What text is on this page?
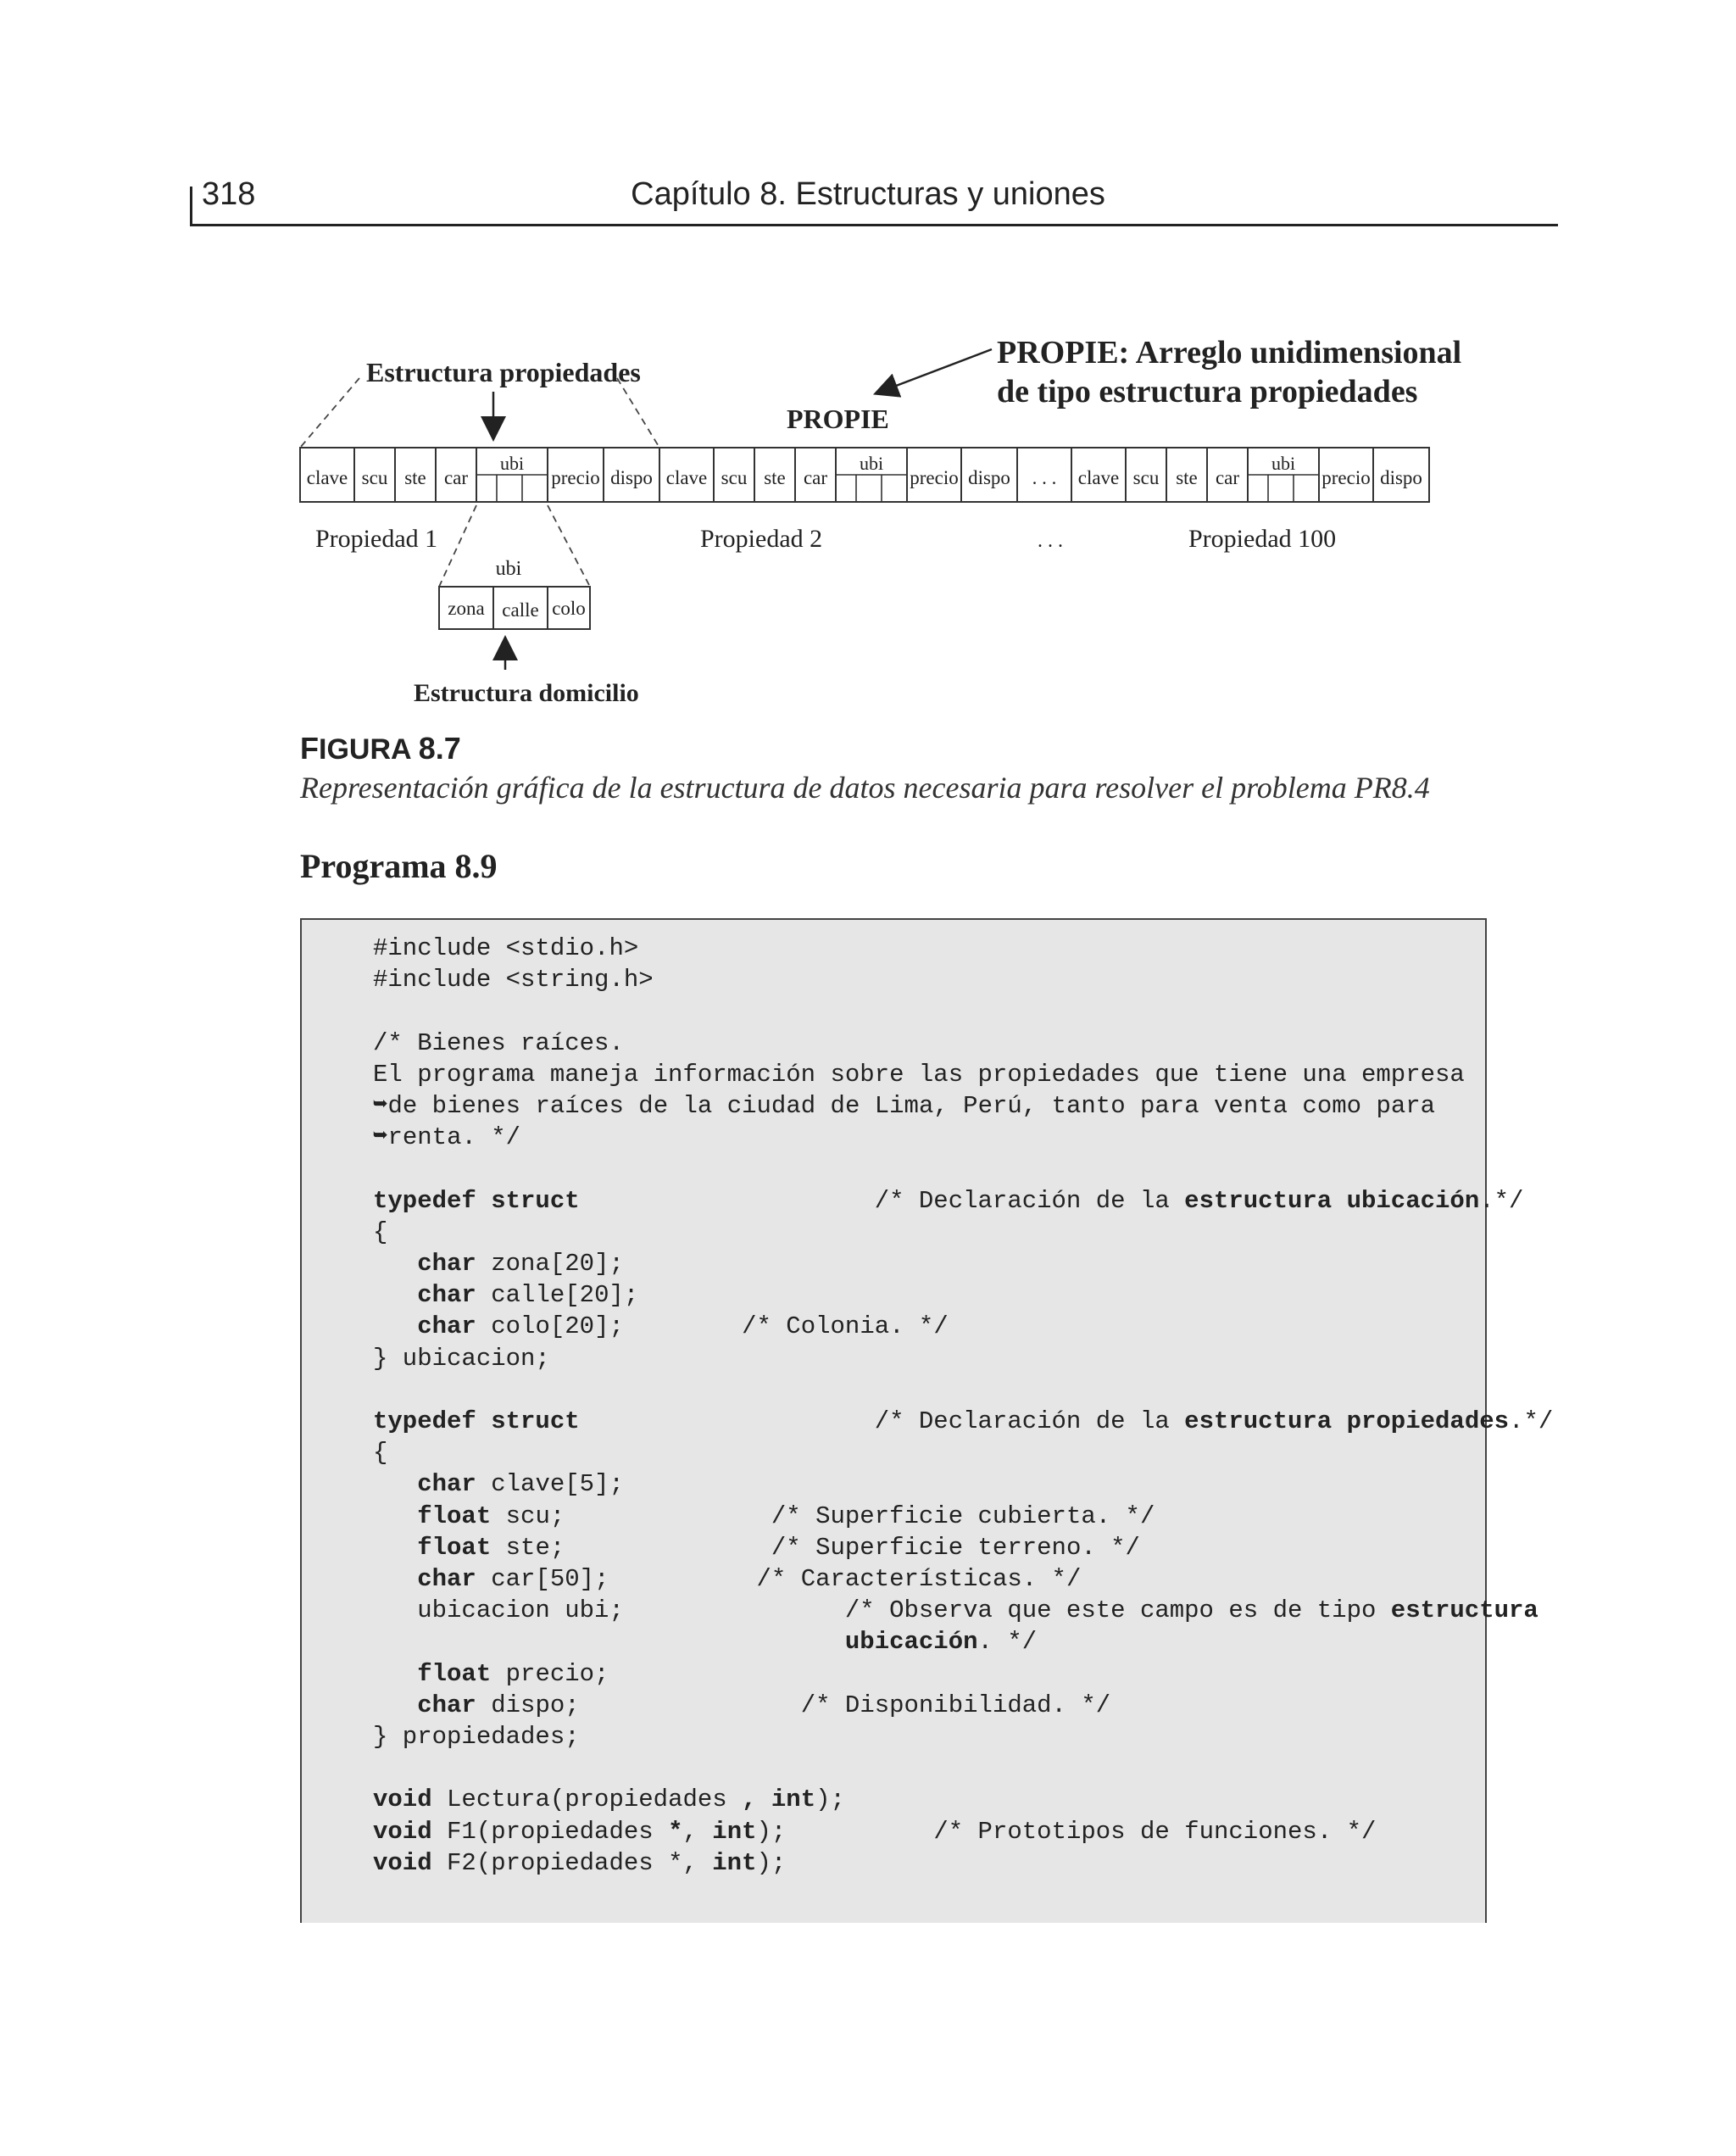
318	Capítulo 8. Estructuras y uniones
Estructura propiedades
PROPIE: Arreglo unidimensional
de tipo estructura propiedades
PROPIE
clave scu ste car
ubi
precio dispo clave scu ste car
ubi
precio dispo . . . clave scu ste car
ubi
precio dispo
Propiedad 1	Propiedad 2	. . .	Propiedad 100
ubi
zona calle colo
Estructura domicilio
FIGURA 8.7
Representación gráfica de la estructura de datos necesaria para resolver el problema PR8.4
Programa 8.9
#include <stdio.h>
#include <string.h>
/* Bienes raíces.
El programa maneja información sobre las propiedades que tiene una empresa
➥de bienes raíces de la ciudad de Lima, Perú, tanto para venta como para
➥renta. */
typedef struct                    /* Declaración de la estructura ubicación.*/
{
char zona[20];
char calle[20];
char colo[20];        /* Colonia. */
} ubicacion;
typedef struct                    /* Declaración de la estructura propiedades.*/
{
char clave[5];
float scu;              /* Superficie cubierta. */
float ste;              /* Superficie terreno. */
char car[50];          /* Características. */
ubicacion ubi;               /* Observa que este campo es de tipo estructura
ubicación. */
float precio;
char dispo;               /* Disponibilidad. */
} propiedades;
void Lectura(propiedades , int);
void F1(propiedades *, int);          /* Prototipos de funciones. */
void F2(propiedades *, int);
